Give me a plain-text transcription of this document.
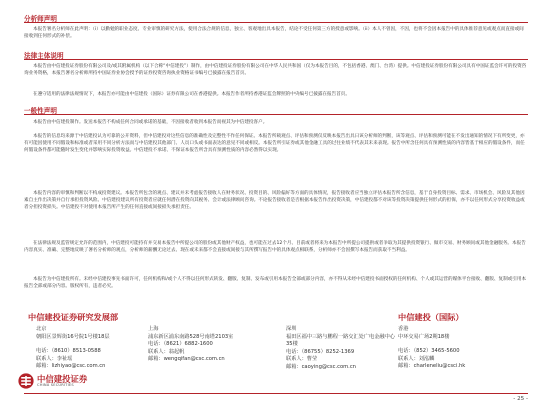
分析师声明
本报告署名分析师在此声明：（i）以勤勉的职业态度、专业审慎的研究方法，使用合法合规的信息，独立、客观地出具本报告，结论不受任何第三方的授意或影响。（ii）本人不曾因，不因，也将不会因本报告中的具体推荐意见或观点而直接或间接收到任何形式的补偿。
法律主体说明
本报告由中信建投证券股份有限公司及/或其附属机构（以下合称“中信建投”）制作，由中信建投证券股份有限公司在中华人民共和国（仅为本报告目的，不包括香港、澳门、台湾）提供。中信建投证券股份有限公司具有中国证监会许可的投资咨询业务资格，本报告署名分析师所持中国证券业协会授予的证券投资咨询执业资格证书编号已披露在报告首页。
在遵守适用的法律法规情况下，本报告亦可能由中信建投（国际）证券有限公司在香港提供。本报告作者所持香港证监会牌照的中央编号已披露在报告首页。
一般性声明
本报告由中信建投制作。发送本报告不构成任何合同或承诺的基础，不因接收者收到本报告而视其为中信建投客户。
本报告的信息均来源于中信建投认为可靠的公开资料，但中信建投对这些信息的准确性及完整性不作任何保证。本报告所载观点、评估和预测仅反映本报告出具日该分析师的判断，该等观点、评估和预测可能在不发出通知的情况下有所变更，亦有可能因使用不同假设和标准或者采用不同分析方法而与中信建投其他部门、人员口头或书面表达的意见不同或相反。本报告所引证券或其他金融工具的过往业绩不代表其未来表现。报告中所含任何具有预测性质的内容皆基于相应的假设条件，而任何假设条件都可能随时发生变化并影响实际投资收益。中信建投不承诺、不保证本报告所含具有预测性质的内容必然得以实现。
本报告内容的审慎和判断以不构成投资建议。本报告所包含的观点、建议并未考虑报告接收人在财务状况、投资目的、风险偏好等方面的具体情况，报告接收者应当独立评估本报告所含信息，基于自身投资目标、需求、市场机会、风险及其他因素自主作出决策并自行承担投资风险。中信建投建议所有投资者应就任何潜在投资向其税务、会计或法律顾问咨询。不论报告接收者是否根据本报告作出投资决策，中信建投都不对该等投资决策提供任何形式的担保，亦不以任何形式分享投资收益或者分担投资损失。中信建投不对使用本报告所产生的任何直接或间接损失承担责任。
在法律法规及监管规定允许的范围内，中信建投可能持有并交易本报告中所提公司的股份或其他财产权益，也可能在过去12个月、目前或者将来为本报告中所提公司提供或者争取为其提供投资银行、做市交易、财务顾问或其他金融服务。本报告内容真实、准确、完整地反映了署名分析师的观点，分析师的薪酬无论过去、现在或未来都不会直接或间接与其所撰写报告中的具体观点相联系，分析师亦不会因撰写本报告而获取不当利益。
本报告为中信建投所有。未经中信建投事先书面许可，任何机构和/或个人不得以任何形式转发、翻版、复制、发布或引用本报告全部或部分内容，亦不得从未经中信建投书面授权的任何机构、个人或其运营的媒体平台接收、翻版、复制或引用本报告全部或部分内容。版权所有，违者必究。
中信建投证券研究发展部	中信建投（国际）
北京
朝阳区景辉街16号院1号楼18层
电话：（8610）8513-0588
联系人：李祉瑶
邮箱：lizhiyao@csc.com.cn
上海
浦东新区浦东南路528号南塔2103室
电话：（8621）6882-1600
联系人：翁起帆
邮箱：wengqifan@csc.com.cn
深圳
福田区福中三路与鹏程一路交汇处广电金融中心35楼
电话：（86755）8252-1369
联系人：曹莹
邮箱：caoying@csc.com.cn
香港
中环交易广场2期18楼
电话：（852）3465-5600
联系人：刘泓麟
邮箱：charleneliu@csci.hk
中信建投证券
CHINA SECURITIES
- 25 -
